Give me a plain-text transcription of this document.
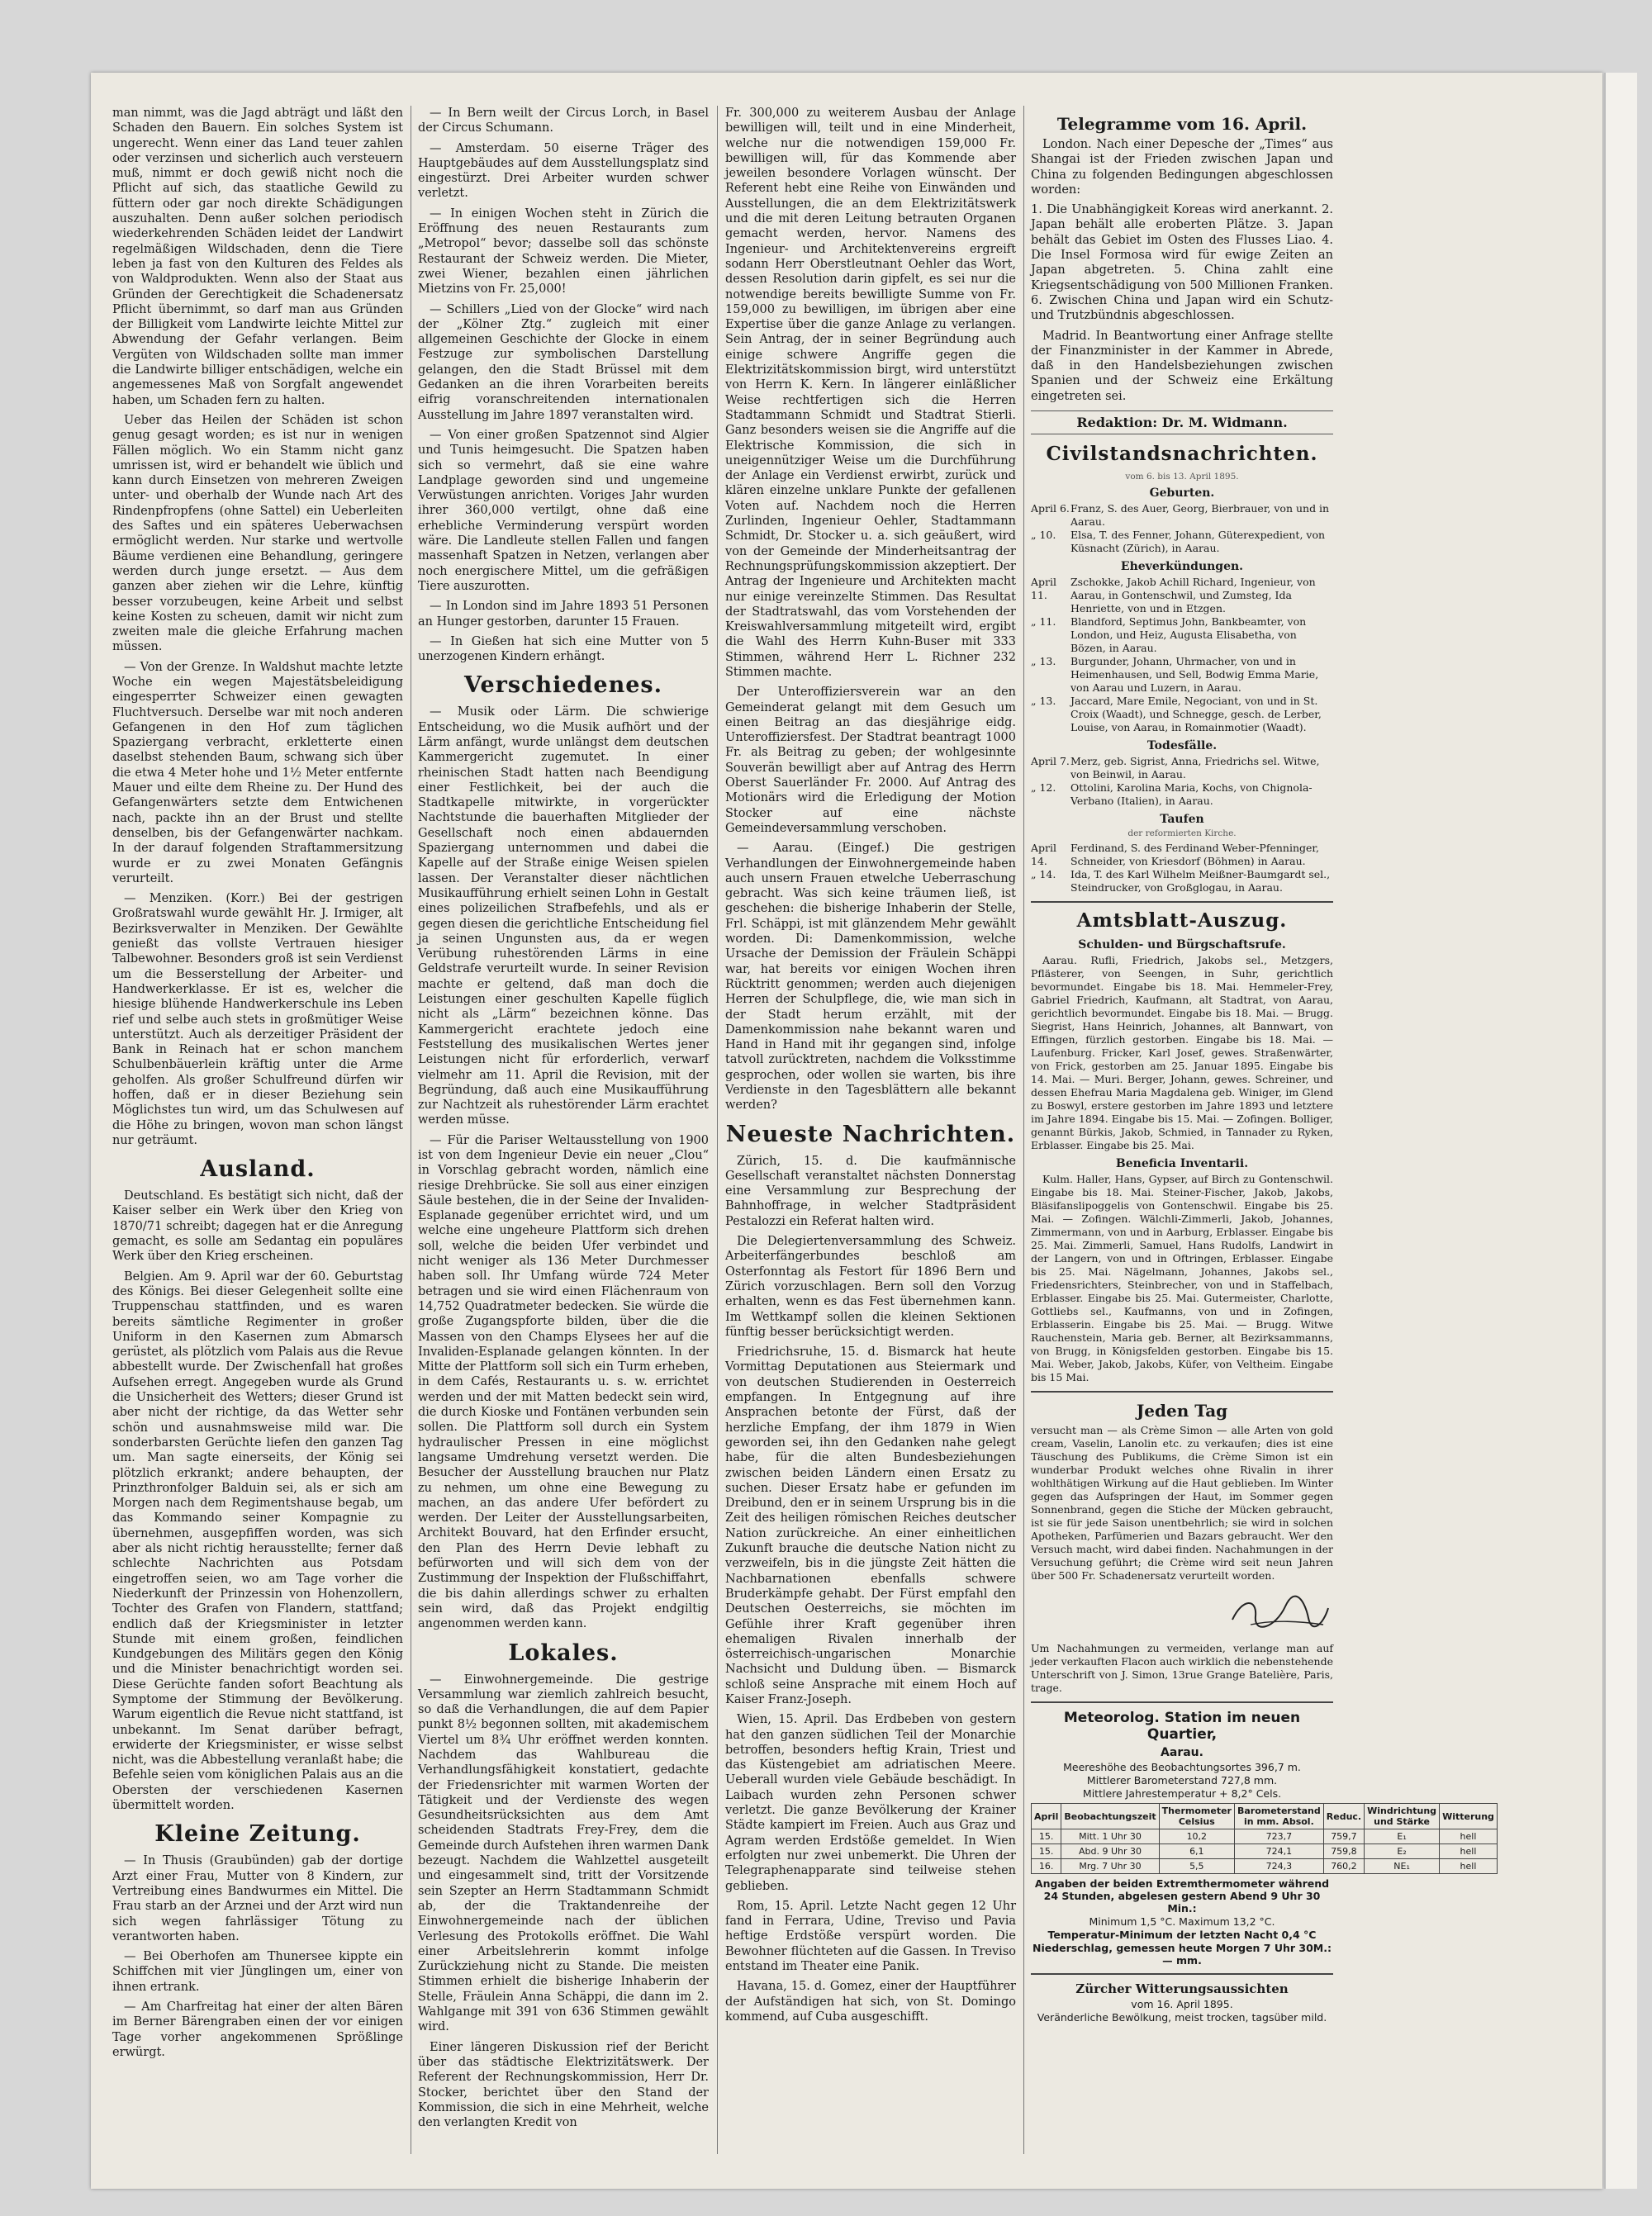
man nimmt, was die Jagd abträgt und läßt den Schaden den Bauern. Ein solches System ist ungerecht. Wenn einer das Land teuer zahlen oder verzinsen und sicherlich auch versteuern muß, nimmt er doch gewiß nicht noch die Pflicht auf sich, das staatliche Gewild zu füttern oder gar noch direkte Schädigungen auszuhalten. Denn außer solchen periodisch wiederkehrenden Schäden leidet der Landwirt regelmäßigen Wildschaden, denn die Tiere leben ja fast von den Kulturen des Feldes als von Waldprodukten. Wenn also der Staat aus Gründen der Gerechtigkeit die Schadenersatz Pflicht übernimmt, so darf man aus Gründen der Billigkeit vom Landwirte leichte Mittel zur Abwendung der Gefahr verlangen. Beim Vergüten von Wildschaden sollte man immer die Landwirte billiger entschädigen, welche ein angemessenes Maß von Sorgfalt angewendet haben, um Schaden fern zu halten.

Ueber das Heilen der Schäden ist schon genug gesagt worden; es ist nur in wenigen Fällen möglich. Wo ein Stamm nicht ganz umrissen ist, wird er behandelt wie üblich und kann durch Einsetzen von mehreren Zweigen unter- und oberhalb der Wunde nach Art des Rindenpfropfens (ohne Sattel) ein Ueberleiten des Saftes und ein späteres Ueberwachsen ermöglicht werden. Nur starke und wertvolle Bäume verdienen eine Behandlung, geringere werden durch junge ersetzt. — Aus dem ganzen aber ziehen wir die Lehre, künftig besser vorzubeugen, keine Arbeit und selbst keine Kosten zu scheuen, damit wir nicht zum zweiten male die gleiche Erfahrung machen müssen.

— Von der Grenze. In Waldshut machte letzte Woche ein wegen Majestätsbeleidigung eingesperrter Schweizer einen gewagten Fluchtversuch. Derselbe war mit noch anderen Gefangenen in den Hof zum täglichen Spaziergang verbracht, erkletterte einen daselbst stehenden Baum, schwang sich über die etwa 4 Meter hohe und 1½ Meter entfernte Mauer und eilte dem Rheine zu. Der Hund des Gefangenwärters setzte dem Entwichenen nach, packte ihn an der Brust und stellte denselben, bis der Gefangenwärter nachkam. In der darauf folgenden Straftammersitzung wurde er zu zwei Monaten Gefängnis verurteilt.

— Menziken. (Korr.) Bei der gestrigen Großratswahl wurde gewählt Hr. J. Irmiger, alt Bezirksverwalter in Menziken. Der Gewählte genießt das vollste Vertrauen hiesiger Talbewohner. Besonders groß ist sein Verdienst um die Besserstellung der Arbeiter- und Handwerkerklasse. Er ist es, welcher die hiesige blühende Handwerkerschule ins Leben rief und selbe auch stets in großmütiger Weise unterstützt. Auch als derzeitiger Präsident der Bank in Reinach hat er schon manchem Schulbenbäuerlein kräftig unter die Arme geholfen. Als großer Schulfreund dürfen wir hoffen, daß er in dieser Beziehung sein Möglichstes tun wird, um das Schulwesen auf die Höhe zu bringen, wovon man schon längst nur geträumt.

Ausland.

Deutschland. Es bestätigt sich nicht, daß der Kaiser selber ein Werk über den Krieg von 1870/71 schreibt; dagegen hat er die Anregung gemacht, es solle am Sedantag ein populäres Werk über den Krieg erscheinen.

Belgien. Am 9. April war der 60. Geburtstag des Königs. Bei dieser Gelegenheit sollte eine Truppenschau stattfinden, und es waren bereits sämtliche Regimenter in großer Uniform in den Kasernen zum Abmarsch gerüstet, als plötzlich vom Palais aus die Revue abbestellt wurde. Der Zwischenfall hat großes Aufsehen erregt. Angegeben wurde als Grund die Unsicherheit des Wetters; dieser Grund ist aber nicht der richtige, da das Wetter sehr schön und ausnahmsweise mild war. Die sonderbarsten Gerüchte liefen den ganzen Tag um. Man sagte einerseits, der König sei plötzlich erkrankt; andere behaupten, der Prinzthronfolger Balduin sei, als er sich am Morgen nach dem Regimentshause begab, um das Kommando seiner Kompagnie zu übernehmen, ausgepfiffen worden, was sich aber als nicht richtig herausstellte; ferner daß schlechte Nachrichten aus Potsdam eingetroffen seien, wo am Tage vorher die Niederkunft der Prinzessin von Hohenzollern, Tochter des Grafen von Flandern, stattfand; endlich daß der Kriegsminister in letzter Stunde mit einem großen, feindlichen Kundgebungen des Militärs gegen den König und die Minister benachrichtigt worden sei. Diese Gerüchte fanden sofort Beachtung als Symptome der Stimmung der Bevölkerung. Warum eigentlich die Revue nicht stattfand, ist unbekannt. Im Senat darüber befragt, erwiderte der Kriegsminister, er wisse selbst nicht, was die Abbestellung veranlaßt habe; die Befehle seien vom königlichen Palais aus an die Obersten der verschiedenen Kasernen übermittelt worden.

Kleine Zeitung.

— In Thusis (Graubünden) gab der dortige Arzt einer Frau, Mutter von 8 Kindern, zur Vertreibung eines Bandwurmes ein Mittel. Die Frau starb an der Arznei und der Arzt wird nun sich wegen fahrlässiger Tötung zu verantworten haben.

— Bei Oberhofen am Thunersee kippte ein Schiffchen mit vier Jünglingen um, einer von ihnen ertrank.

— Am Charfreitag hat einer der alten Bären im Berner Bärengraben einen der vor einigen Tage vorher angekommenen Sprößlinge erwürgt.

— In Bern weilt der Circus Lorch, in Basel der Circus Schumann.

— Amsterdam. 50 eiserne Träger des Hauptgebäudes auf dem Ausstellungsplatz sind eingestürzt. Drei Arbeiter wurden schwer verletzt.

— In einigen Wochen steht in Zürich die Eröffnung des neuen Restaurants zum „Metropol“ bevor; dasselbe soll das schönste Restaurant der Schweiz werden. Die Mieter, zwei Wiener, bezahlen einen jährlichen Mietzins von Fr. 25,000!

— Schillers „Lied von der Glocke“ wird nach der „Kölner Ztg.“ zugleich mit einer allgemeinen Geschichte der Glocke in einem Festzuge zur symbolischen Darstellung gelangen, den die Stadt Brüssel mit dem Gedanken an die ihren Vorarbeiten bereits eifrig voranschreitenden internationalen Ausstellung im Jahre 1897 veranstalten wird.

— Von einer großen Spatzennot sind Algier und Tunis heimgesucht. Die Spatzen haben sich so vermehrt, daß sie eine wahre Landplage geworden sind und ungemeine Verwüstungen anrichten. Voriges Jahr wurden ihrer 360,000 vertilgt, ohne daß eine erhebliche Verminderung verspürt worden wäre. Die Landleute stellen Fallen und fangen massenhaft Spatzen in Netzen, verlangen aber noch energischere Mittel, um die gefräßigen Tiere auszurotten.

— In London sind im Jahre 1893 51 Personen an Hunger gestorben, darunter 15 Frauen.

— In Gießen hat sich eine Mutter von 5 unerzogenen Kindern erhängt.

Verschiedenes.

— Musik oder Lärm. Die schwierige Entscheidung, wo die Musik aufhört und der Lärm anfängt, wurde unlängst dem deutschen Kammergericht zugemutet. In einer rheinischen Stadt hatten nach Beendigung einer Festlichkeit, bei der auch die Stadtkapelle mitwirkte, in vorgerückter Nachtstunde die bauerhaften Mitglieder der Gesellschaft noch einen abdauernden Spaziergang unternommen und dabei die Kapelle auf der Straße einige Weisen spielen lassen. Der Veranstalter dieser nächtlichen Musikaufführung erhielt seinen Lohn in Gestalt eines polizeilichen Strafbefehls, und als er gegen diesen die gerichtliche Entscheidung fiel ja seinen Ungunsten aus, da er wegen Verübung ruhestörenden Lärms in eine Geldstrafe verurteilt wurde. In seiner Revision machte er geltend, daß man doch die Leistungen einer geschulten Kapelle füglich nicht als „Lärm“ bezeichnen könne. Das Kammergericht erachtete jedoch eine Feststellung des musikalischen Wertes jener Leistungen nicht für erforderlich, verwarf vielmehr am 11. April die Revision, mit der Begründung, daß auch eine Musikaufführung zur Nachtzeit als ruhestörender Lärm erachtet werden müsse.

— Für die Pariser Weltausstellung von 1900 ist von dem Ingenieur Devie ein neuer „Clou“ in Vorschlag gebracht worden, nämlich eine riesige Drehbrücke. Sie soll aus einer einzigen Säule bestehen, die in der Seine der Invaliden-Esplanade gegenüber errichtet wird, und um welche eine ungeheure Plattform sich drehen soll, welche die beiden Ufer verbindet und nicht weniger als 136 Meter Durchmesser haben soll. Ihr Umfang würde 724 Meter betragen und sie wird einen Flächenraum von 14,752 Quadratmeter bedecken. Sie würde die große Zugangspforte bilden, über die die Massen von den Champs Elysees her auf die Invaliden-Esplanade gelangen könnten. In der Mitte der Plattform soll sich ein Turm erheben, in dem Cafés, Restaurants u. s. w. errichtet werden und der mit Matten bedeckt sein wird, die durch Kioske und Fontänen verbunden sein sollen. Die Plattform soll durch ein System hydraulischer Pressen in eine möglichst langsame Umdrehung versetzt werden. Die Besucher der Ausstellung brauchen nur Platz zu nehmen, um ohne eine Bewegung zu machen, an das andere Ufer befördert zu werden. Der Leiter der Ausstellungsarbeiten, Architekt Bouvard, hat den Erfinder ersucht, den Plan des Herrn Devie lebhaft zu befürworten und will sich dem von der Zustimmung der Inspektion der Flußschiffahrt, die bis dahin allerdings schwer zu erhalten sein wird, daß das Projekt endgiltig angenommen werden kann.

Lokales.

— Einwohnergemeinde. Die gestrige Versammlung war ziemlich zahlreich besucht, so daß die Verhandlungen, die auf dem Papier punkt 8½ begonnen sollten, mit akademischem Viertel um 8¾ Uhr eröffnet werden konnten. Nachdem das Wahlbureau die Verhandlungsfähigkeit konstatiert, gedachte der Friedensrichter mit warmen Worten der Tätigkeit und der Verdienste des wegen Gesundheitsrücksichten aus dem Amt scheidenden Stadtrats Frey-Frey, dem die Gemeinde durch Aufstehen ihren warmen Dank bezeugt. Nachdem die Wahlzettel ausgeteilt und eingesammelt sind, tritt der Vorsitzende sein Szepter an Herrn Stadtammann Schmidt ab, der die Traktandenreihe der Einwohnergemeinde nach der üblichen Verlesung des Protokolls eröffnet. Die Wahl einer Arbeitslehrerin kommt infolge Zurückziehung nicht zu Stande. Die meisten Stimmen erhielt die bisherige Inhaberin der Stelle, Fräulein Anna Schäppi, die dann im 2. Wahlgange mit 391 von 636 Stimmen gewählt wird.

Einer längeren Diskussion rief der Bericht über das städtische Elektrizitätswerk. Der Referent der Rechnungskommission, Herr Dr. Stocker, berichtet über den Stand der Kommission, die sich in eine Mehrheit, welche den verlangten Kredit von

Fr. 300,000 zu weiterem Ausbau der Anlage bewilligen will, teilt und in eine Minderheit, welche nur die notwendigen 159,000 Fr. bewilligen will, für das Kommende aber jeweilen besondere Vorlagen wünscht. Der Referent hebt eine Reihe von Einwänden und Ausstellungen, die an dem Elektrizitätswerk und die mit deren Leitung betrauten Organen gemacht werden, hervor. Namens des Ingenieur- und Architektenvereins ergreift sodann Herr Oberstleutnant Oehler das Wort, dessen Resolution darin gipfelt, es sei nur die notwendige bereits bewilligte Summe von Fr. 159,000 zu bewilligen, im übrigen aber eine Expertise über die ganze Anlage zu verlangen. Sein Antrag, der in seiner Begründung auch einige schwere Angriffe gegen die Elektrizitätskommission birgt, wird unterstützt von Herrn K. Kern. In längerer einläßlicher Weise rechtfertigen sich die Herren Stadtammann Schmidt und Stadtrat Stierli. Ganz besonders weisen sie die Angriffe auf die Elektrische Kommission, die sich in uneigennütziger Weise um die Durchführung der Anlage ein Verdienst erwirbt, zurück und klären einzelne unklare Punkte der gefallenen Voten auf. Nachdem noch die Herren Zurlinden, Ingenieur Oehler, Stadtammann Schmidt, Dr. Stocker u. a. sich geäußert, wird von der Gemeinde der Minderheitsantrag der Rechnungsprüfungskommission akzeptiert. Der Antrag der Ingenieure und Architekten macht nur einige vereinzelte Stimmen. Das Resultat der Stadtratswahl, das vom Vorstehenden der Kreiswahlversammlung mitgeteilt wird, ergibt die Wahl des Herrn Kuhn-Buser mit 333 Stimmen, während Herr L. Richner 232 Stimmen machte.

Der Unteroffiziersverein war an den Gemeinderat gelangt mit dem Gesuch um einen Beitrag an das diesjährige eidg. Unteroffiziersfest. Der Stadtrat beantragt 1000 Fr. als Beitrag zu geben; der wohlgesinnte Souverän bewilligt aber auf Antrag des Herrn Oberst Sauerländer Fr. 2000. Auf Antrag des Motionärs wird die Erledigung der Motion Stocker auf eine nächste Gemeindeversammlung verschoben.

— Aarau. (Eingef.) Die gestrigen Verhandlungen der Einwohnergemeinde haben auch unsern Frauen etwelche Ueberraschung gebracht. Was sich keine träumen ließ, ist geschehen: die bisherige Inhaberin der Stelle, Frl. Schäppi, ist mit glänzendem Mehr gewählt worden. Di: Damenkommission, welche Ursache der Demission der Fräulein Schäppi war, hat bereits vor einigen Wochen ihren Rücktritt genommen; werden auch diejenigen Herren der Schulpflege, die, wie man sich in der Stadt herum erzählt, mit der Damenkommission nahe bekannt waren und Hand in Hand mit ihr gegangen sind, infolge tatvoll zurücktreten, nachdem die Volksstimme gesprochen, oder wollen sie warten, bis ihre Verdienste in den Tagesblättern alle bekannt werden?

Neueste Nachrichten.

Zürich, 15. d. Die kaufmännische Gesellschaft veranstaltet nächsten Donnerstag eine Versammlung zur Besprechung der Bahnhoffrage, in welcher Stadtpräsident Pestalozzi ein Referat halten wird.

Die Delegiertenversammlung des Schweiz. Arbeiterfängerbundes beschloß am Osterfonntag als Festort für 1896 Bern und Zürich vorzuschlagen. Bern soll den Vorzug erhalten, wenn es das Fest übernehmen kann. Im Wettkampf sollen die kleinen Sektionen fünftig besser berücksichtigt werden.

Friedrichsruhe, 15. d. Bismarck hat heute Vormittag Deputationen aus Steiermark und von deutschen Studierenden in Oesterreich empfangen. In Entgegnung auf ihre Ansprachen betonte der Fürst, daß der herzliche Empfang, der ihm 1879 in Wien geworden sei, ihn den Gedanken nahe gelegt habe, für die alten Bundesbeziehungen zwischen beiden Ländern einen Ersatz zu suchen. Dieser Ersatz habe er gefunden im Dreibund, den er in seinem Ursprung bis in die Zeit des heiligen römischen Reiches deutscher Nation zurückreiche. An einer einheitlichen Zukunft brauche die deutsche Nation nicht zu verzweifeln, bis in die jüngste Zeit hätten die Nachbarnationen ebenfalls schwere Bruderkämpfe gehabt. Der Fürst empfahl den Deutschen Oesterreichs, sie möchten im Gefühle ihrer Kraft gegenüber ihren ehemaligen Rivalen innerhalb der österreichisch-ungarischen Monarchie Nachsicht und Duldung üben. — Bismarck schloß seine Ansprache mit einem Hoch auf Kaiser Franz-Joseph.

Wien, 15. April. Das Erdbeben von gestern hat den ganzen südlichen Teil der Monarchie betroffen, besonders heftig Krain, Triest und das Küstengebiet am adriatischen Meere. Ueberall wurden viele Gebäude beschädigt. In Laibach wurden zehn Personen schwer verletzt. Die ganze Bevölkerung der Krainer Städte kampiert im Freien. Auch aus Graz und Agram werden Erdstöße gemeldet. In Wien erfolgten nur zwei unbemerkt. Die Uhren der Telegraphenapparate sind teilweise stehen geblieben.

Rom, 15. April. Letzte Nacht gegen 12 Uhr fand in Ferrara, Udine, Treviso und Pavia heftige Erdstöße verspürt worden. Die Bewohner flüchteten auf die Gassen. In Treviso entstand im Theater eine Panik.

Havana, 15. d. Gomez, einer der Hauptführer der Aufständigen hat sich, von St. Domingo kommend, auf Cuba ausgeschifft.

Telegramme vom 16. April.

London. Nach einer Depesche der „Times“ aus Shangai ist der Frieden zwischen Japan und China zu folgenden Bedingungen abgeschlossen worden:

1. Die Unabhängigkeit Koreas wird anerkannt. 2. Japan behält alle eroberten Plätze. 3. Japan behält das Gebiet im Osten des Flusses Liao. 4. Die Insel Formosa wird für ewige Zeiten an Japan abgetreten. 5. China zahlt eine Kriegsentschädigung von 500 Millionen Franken. 6. Zwischen China und Japan wird ein Schutz- und Trutzbündnis abgeschlossen.

Madrid. In Beantwortung einer Anfrage stellte der Finanzminister in der Kammer in Abrede, daß in den Handelsbeziehungen zwischen Spanien und der Schweiz eine Erkältung eingetreten sei.

Redaktion: Dr. M. Widmann.
Civilstandsnachrichten.
vom 6. bis 13. April 1895.
Geburten.
April 6. Franz, S. des Auer, Georg, Bierbrauer, von und in Aarau.
„ 10.	Elsa, T. des Fenner, Johann, Güterexpedient, von Küsnacht (Zürich), in Aarau.
Eheverkündungen.
April 11.
Zschokke, Jakob Achill Richard, Ingenieur, von Aarau, in Gontenschwil, und Zumsteg, Ida Henriette, von und in Etzgen.
„ 11.	Blandford, Septimus John, Bankbeamter, von London, und Heiz, Augusta Elisabetha, von Bözen, in Aarau.
„ 13.	Burgunder, Johann, Uhrmacher, von und in Heimenhausen, und Sell, Bodwig Emma Marie, von Aarau und Luzern, in Aarau.
„ 13.	Jaccard, Mare Emile, Negociant, von und in St. Croix (Waadt), und Schnegge, gesch. de Lerber, Louise, von Aarau, in Romainmotier (Waadt).
Todesfälle.
April 7. Merz, geb. Sigrist, Anna, Friedrichs sel. Witwe, von Beinwil, in Aarau.
„ 12.	Ottolini, Karolina Maria, Kochs, von Chignola-Verbano (Italien), in Aarau.
Taufen
der reformierten Kirche.
April 14.
Ferdinand, S. des Ferdinand Weber-Pfenninger, Schneider, von Kriesdorf (Böhmen) in Aarau.
„ 14.	Ida, T. des Karl Wilhelm Meißner-Baumgardt sel., Steindrucker, von Großglogau, in Aarau.
Amtsblatt-Auszug.
Schulden- und Bürgschaftsrufe.

Aarau. Rufli, Friedrich, Jakobs sel., Metzgers, Pflästerer, von Seengen, in Suhr, gerichtlich bevormundet. Eingabe bis 18. Mai. Hemmeler-Frey, Gabriel Friedrich, Kaufmann, alt Stadtrat, von Aarau, gerichtlich bevormundet. Eingabe bis 18. Mai. — Brugg. Siegrist, Hans Heinrich, Johannes, alt Bannwart, von Effingen, fürzlich gestorben. Eingabe bis 18. Mai. — Laufenburg. Fricker, Karl Josef, gewes. Straßenwärter, von Frick, gestorben am 25. Januar 1895. Eingabe bis 14. Mai. — Muri. Berger, Johann, gewes. Schreiner, und dessen Ehefrau Maria Magdalena geb. Winiger, im Glend zu Boswyl, erstere gestorben im Jahre 1893 und letztere im Jahre 1894. Eingabe bis 15. Mai. — Zofingen. Bolliger, genannt Bürkis, Jakob, Schmied, in Tannader zu Ryken, Erblasser. Eingabe bis 25. Mai.

Beneficia Inventarii.

Kulm. Haller, Hans, Gypser, auf Birch zu Gontenschwil. Eingabe bis 18. Mai. Steiner-Fischer, Jakob, Jakobs, Bläsifanslipoggelis von Gontenschwil. Eingabe bis 25. Mai. — Zofingen. Wälchli-Zimmerli, Jakob, Johannes, Zimmermann, von und in Aarburg, Erblasser. Eingabe bis 25. Mai. Zimmerli, Samuel, Hans Rudolfs, Landwirt in der Langern, von und in Oftringen, Erblasser. Eingabe bis 25. Mai. Nägelmann, Johannes, Jakobs sel., Friedensrichters, Steinbrecher, von und in Staffelbach, Erblasser. Eingabe bis 25. Mai. Gutermeister, Charlotte, Gottliebs sel., Kaufmanns, von und in Zofingen, Erblasserin. Eingabe bis 25. Mai. — Brugg. Witwe Rauchenstein, Maria geb. Berner, alt Bezirksammanns, von Brugg, in Königsfelden gestorben. Eingabe bis 15. Mai. Weber, Jakob, Jakobs, Küfer, von Veltheim. Eingabe bis 15 Mai.

Jeden Tag

versucht man — als Crème Simon — alle Arten von gold cream, Vaselin, Lanolin etc. zu verkaufen; dies ist eine Täuschung des Publikums, die Crème Simon ist ein wunderbar Produkt welches ohne Rivalin in ihrer wohlthätigen Wirkung auf die Haut geblieben. Im Winter gegen das Aufspringen der Haut, im Sommer gegen Sonnenbrand, gegen die Stiche der Mücken gebraucht, ist sie für jede Saison unentbehrlich; sie wird in solchen Apotheken, Parfümerien und Bazars gebraucht. Wer den Versuch macht, wird dabei finden. Nachahmungen in der Versuchung geführt; die Crème wird seit neun Jahren über 500 Fr. Schadenersatz verurteilt worden.

Um Nachahmungen zu vermeiden, verlange man auf jeder verkauften Flacon auch wirklich die nebenstehende Unterschrift von J. Simon, 13rue Grange Batelière, Paris, trage.

Meteorolog. Station im neuen Quartier,
Aarau.
Meereshöhe des Beobachtungsortes 396,7 m.
Mittlerer Barometerstand 727,8 mm.
Mittlere Jahrestemperatur + 8,2° Cels.
April	Beobachtungszeit	Thermometer Celsius	Barometerstand in mm. Absol.	Reduc.	Windrichtung und Stärke	Witterung
15.	Mitt. 1 Uhr 30	10,2	723,7	759,7	E₁	hell
15.	Abd. 9 Uhr 30	6,1	724,1	759,8	E₂	hell
16.	Mrg. 7 Uhr 30	5,5	724,3	760,2	NE₁	hell
Angaben der beiden Extremthermometer während 24 Stunden, abgelesen gestern Abend 9 Uhr 30 Min.:
Minimum 1,5 °C. Maximum 13,2 °C.
Temperatur-Minimum der letzten Nacht 0,4 °C
Niederschlag, gemessen heute Morgen 7 Uhr 30M.: — mm.
Zürcher Witterungsaussichten
vom 16. April 1895.
Veränderliche Bewölkung, meist trocken, tagsüber mild.
